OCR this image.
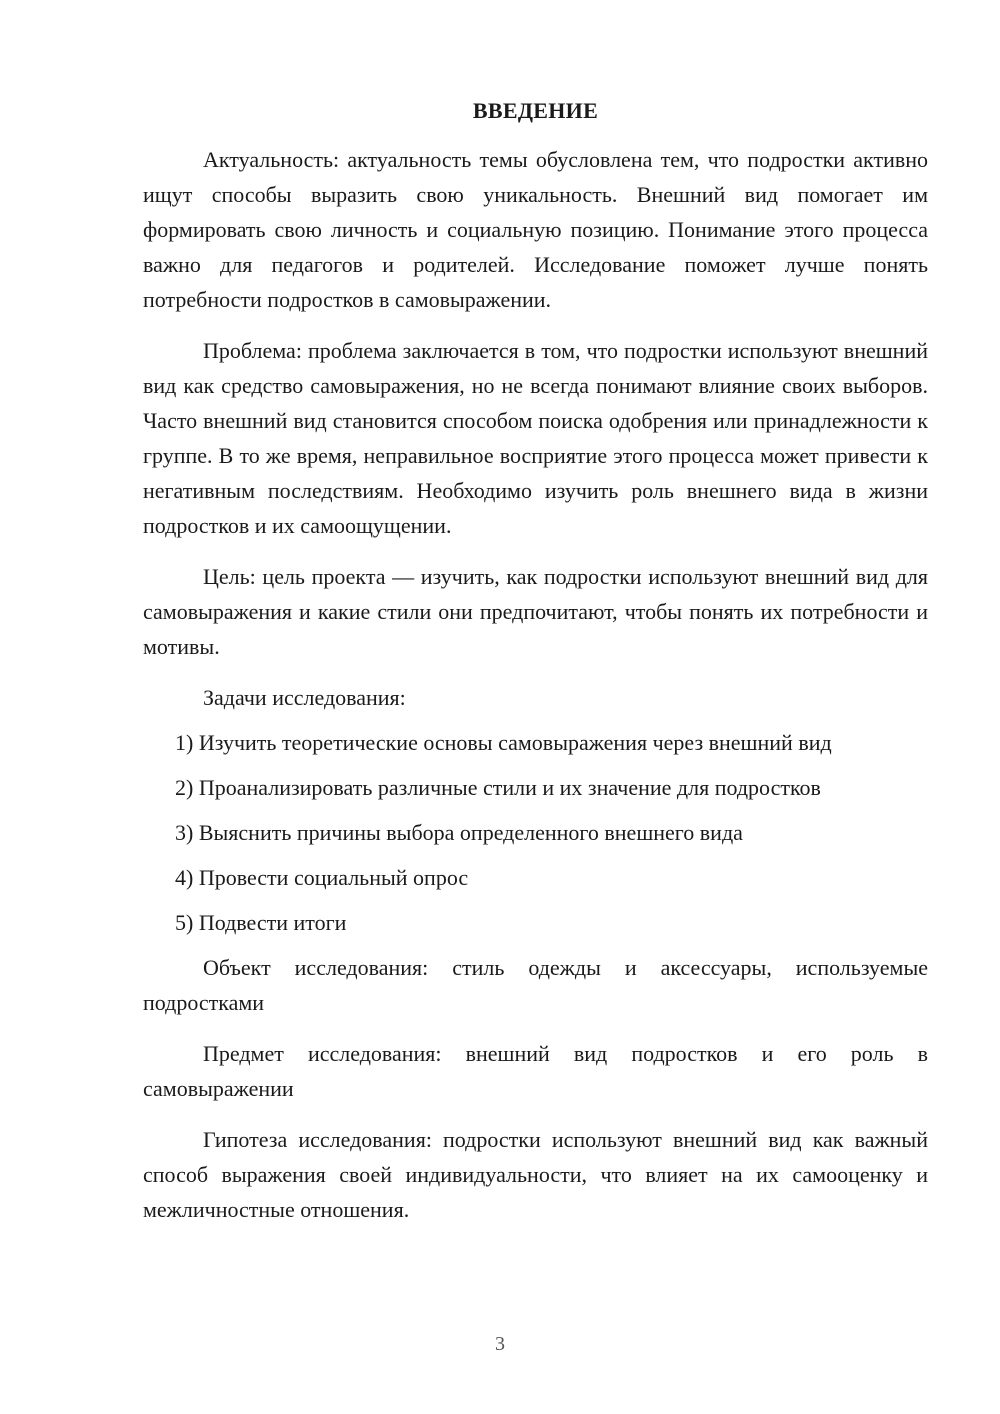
ВВЕДЕНИЕ

Актуальность: актуальность темы обусловлена тем, что подростки активно ищут способы выразить свою уникальность. Внешний вид помогает им формировать свою личность и социальную позицию. Понимание этого процесса важно для педагогов и родителей. Исследование поможет лучше понять потребности подростков в самовыражении.

Проблема: проблема заключается в том, что подростки используют внешний вид как средство самовыражения, но не всегда понимают влияние своих выборов. Часто внешний вид становится способом поиска одобрения или принадлежности к группе. В то же время, неправильное восприятие этого процесса может привести к негативным последствиям. Необходимо изучить роль внешнего вида в жизни подростков и их самоощущении.

Цель: цель проекта — изучить, как подростки используют внешний вид для самовыражения и какие стили они предпочитают, чтобы понять их потребности и мотивы.

Задачи исследования:

1) Изучить теоретические основы самовыражения через внешний вид
2) Проанализировать различные стили и их значение для подростков
3) Выяснить причины выбора определенного внешнего вида
4) Провести социальный опрос
5) Подвести итоги

Объект исследования: стиль одежды и аксессуары, используемые подростками

Предмет исследования: внешний вид подростков и его роль в самовыражении

Гипотеза исследования: подростки используют внешний вид как важный способ выражения своей индивидуальности, что влияет на их самооценку и межличностные отношения.

3
